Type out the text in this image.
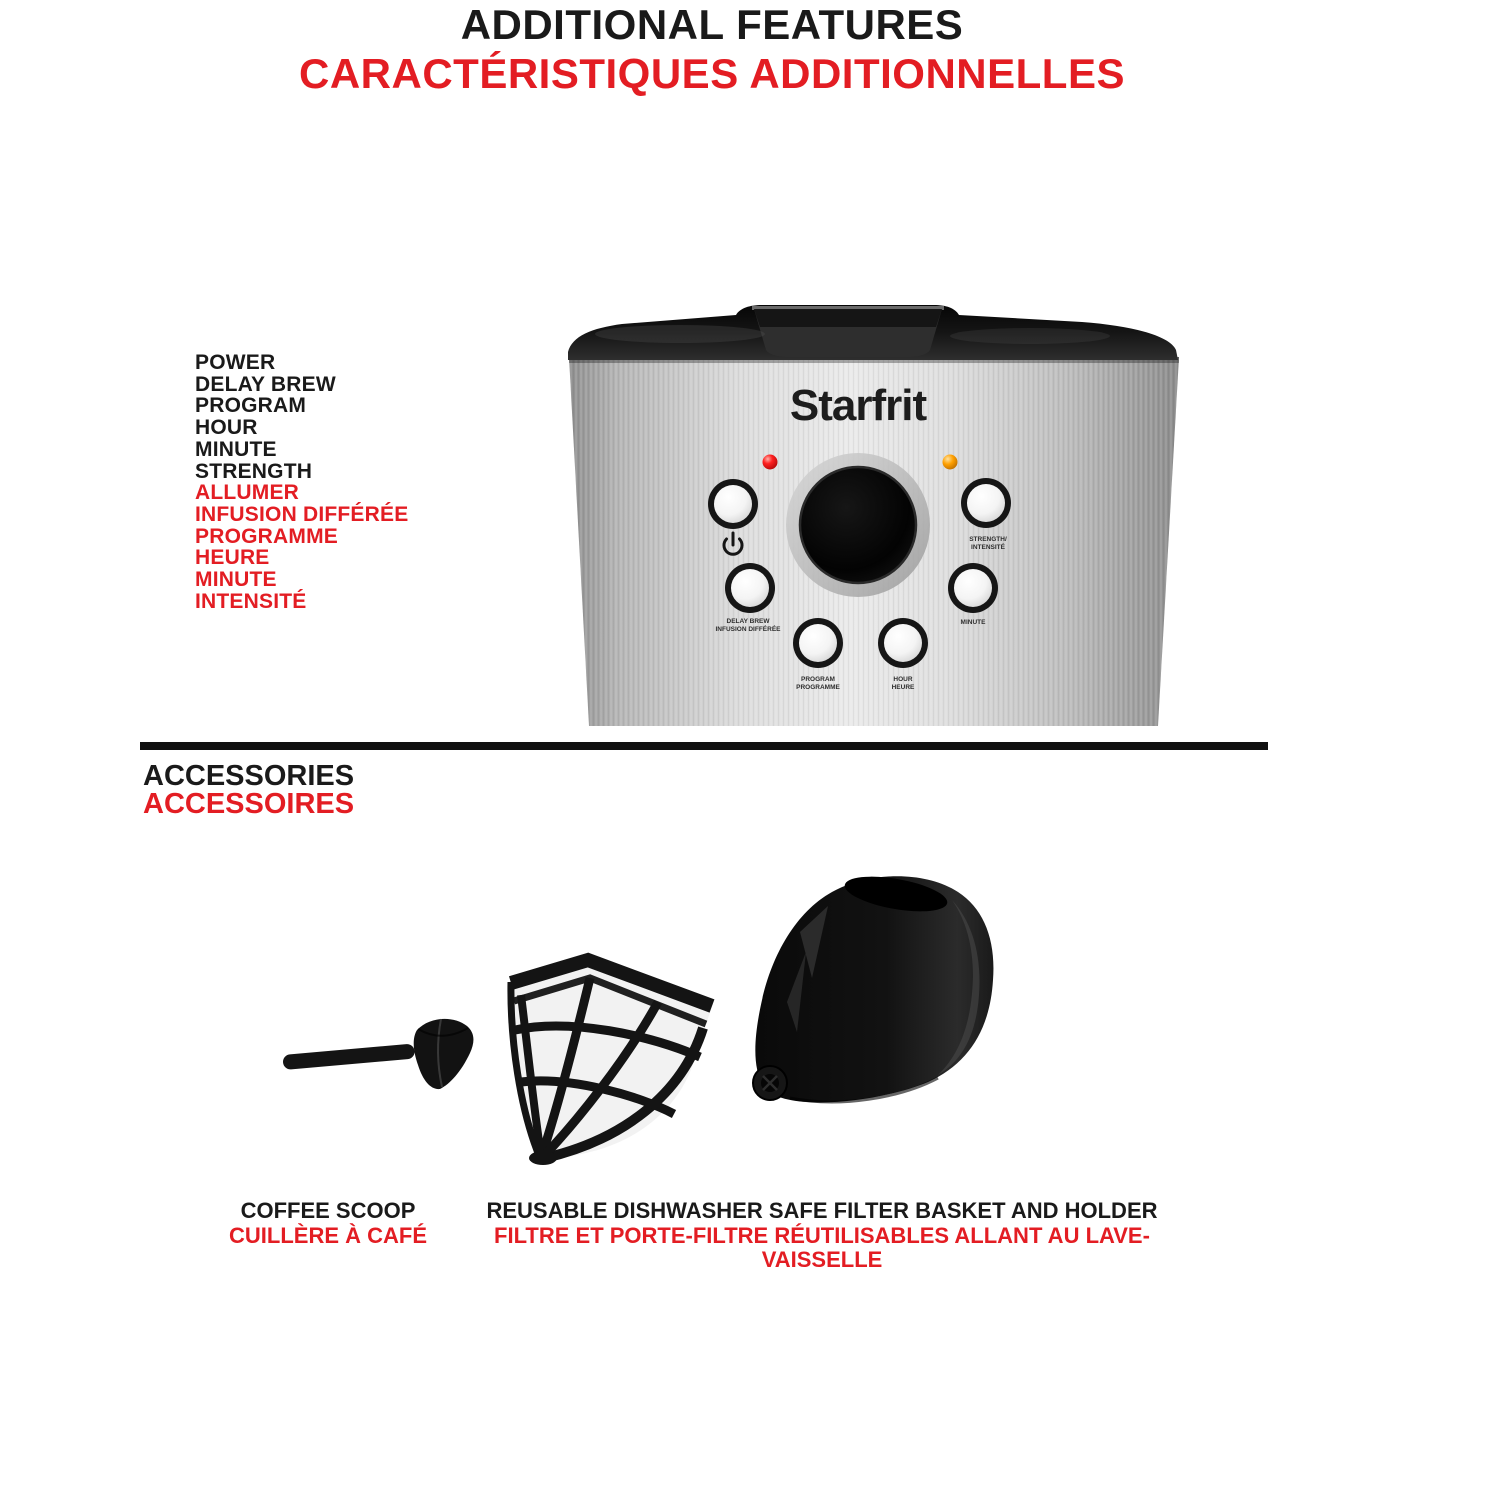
ADDITIONAL FEATURES
CARACTÉRISTIQUES ADDITIONNELLES
POWER
DELAY BREW
PROGRAM
HOUR
MINUTE
STRENGTH
ALLUMER
INFUSION DIFFÉRÉE
PROGRAMME
HEURE
MINUTE
INTENSITÉ
Starfrit
STRENGTH/
INTENSITÉ
DELAY BREW
INFUSION DIFFÉRÉE
MINUTE
PROGRAM
PROGRAMME
HOUR
HEURE
ACCESSORIES
ACCESSOIRES
COFFEE SCOOP
CUILLÈRE À CAFÉ
REUSABLE DISHWASHER SAFE FILTER BASKET AND HOLDER
FILTRE ET PORTE-FILTRE RÉUTILISABLES ALLANT AU LAVE-VAISSELLE
